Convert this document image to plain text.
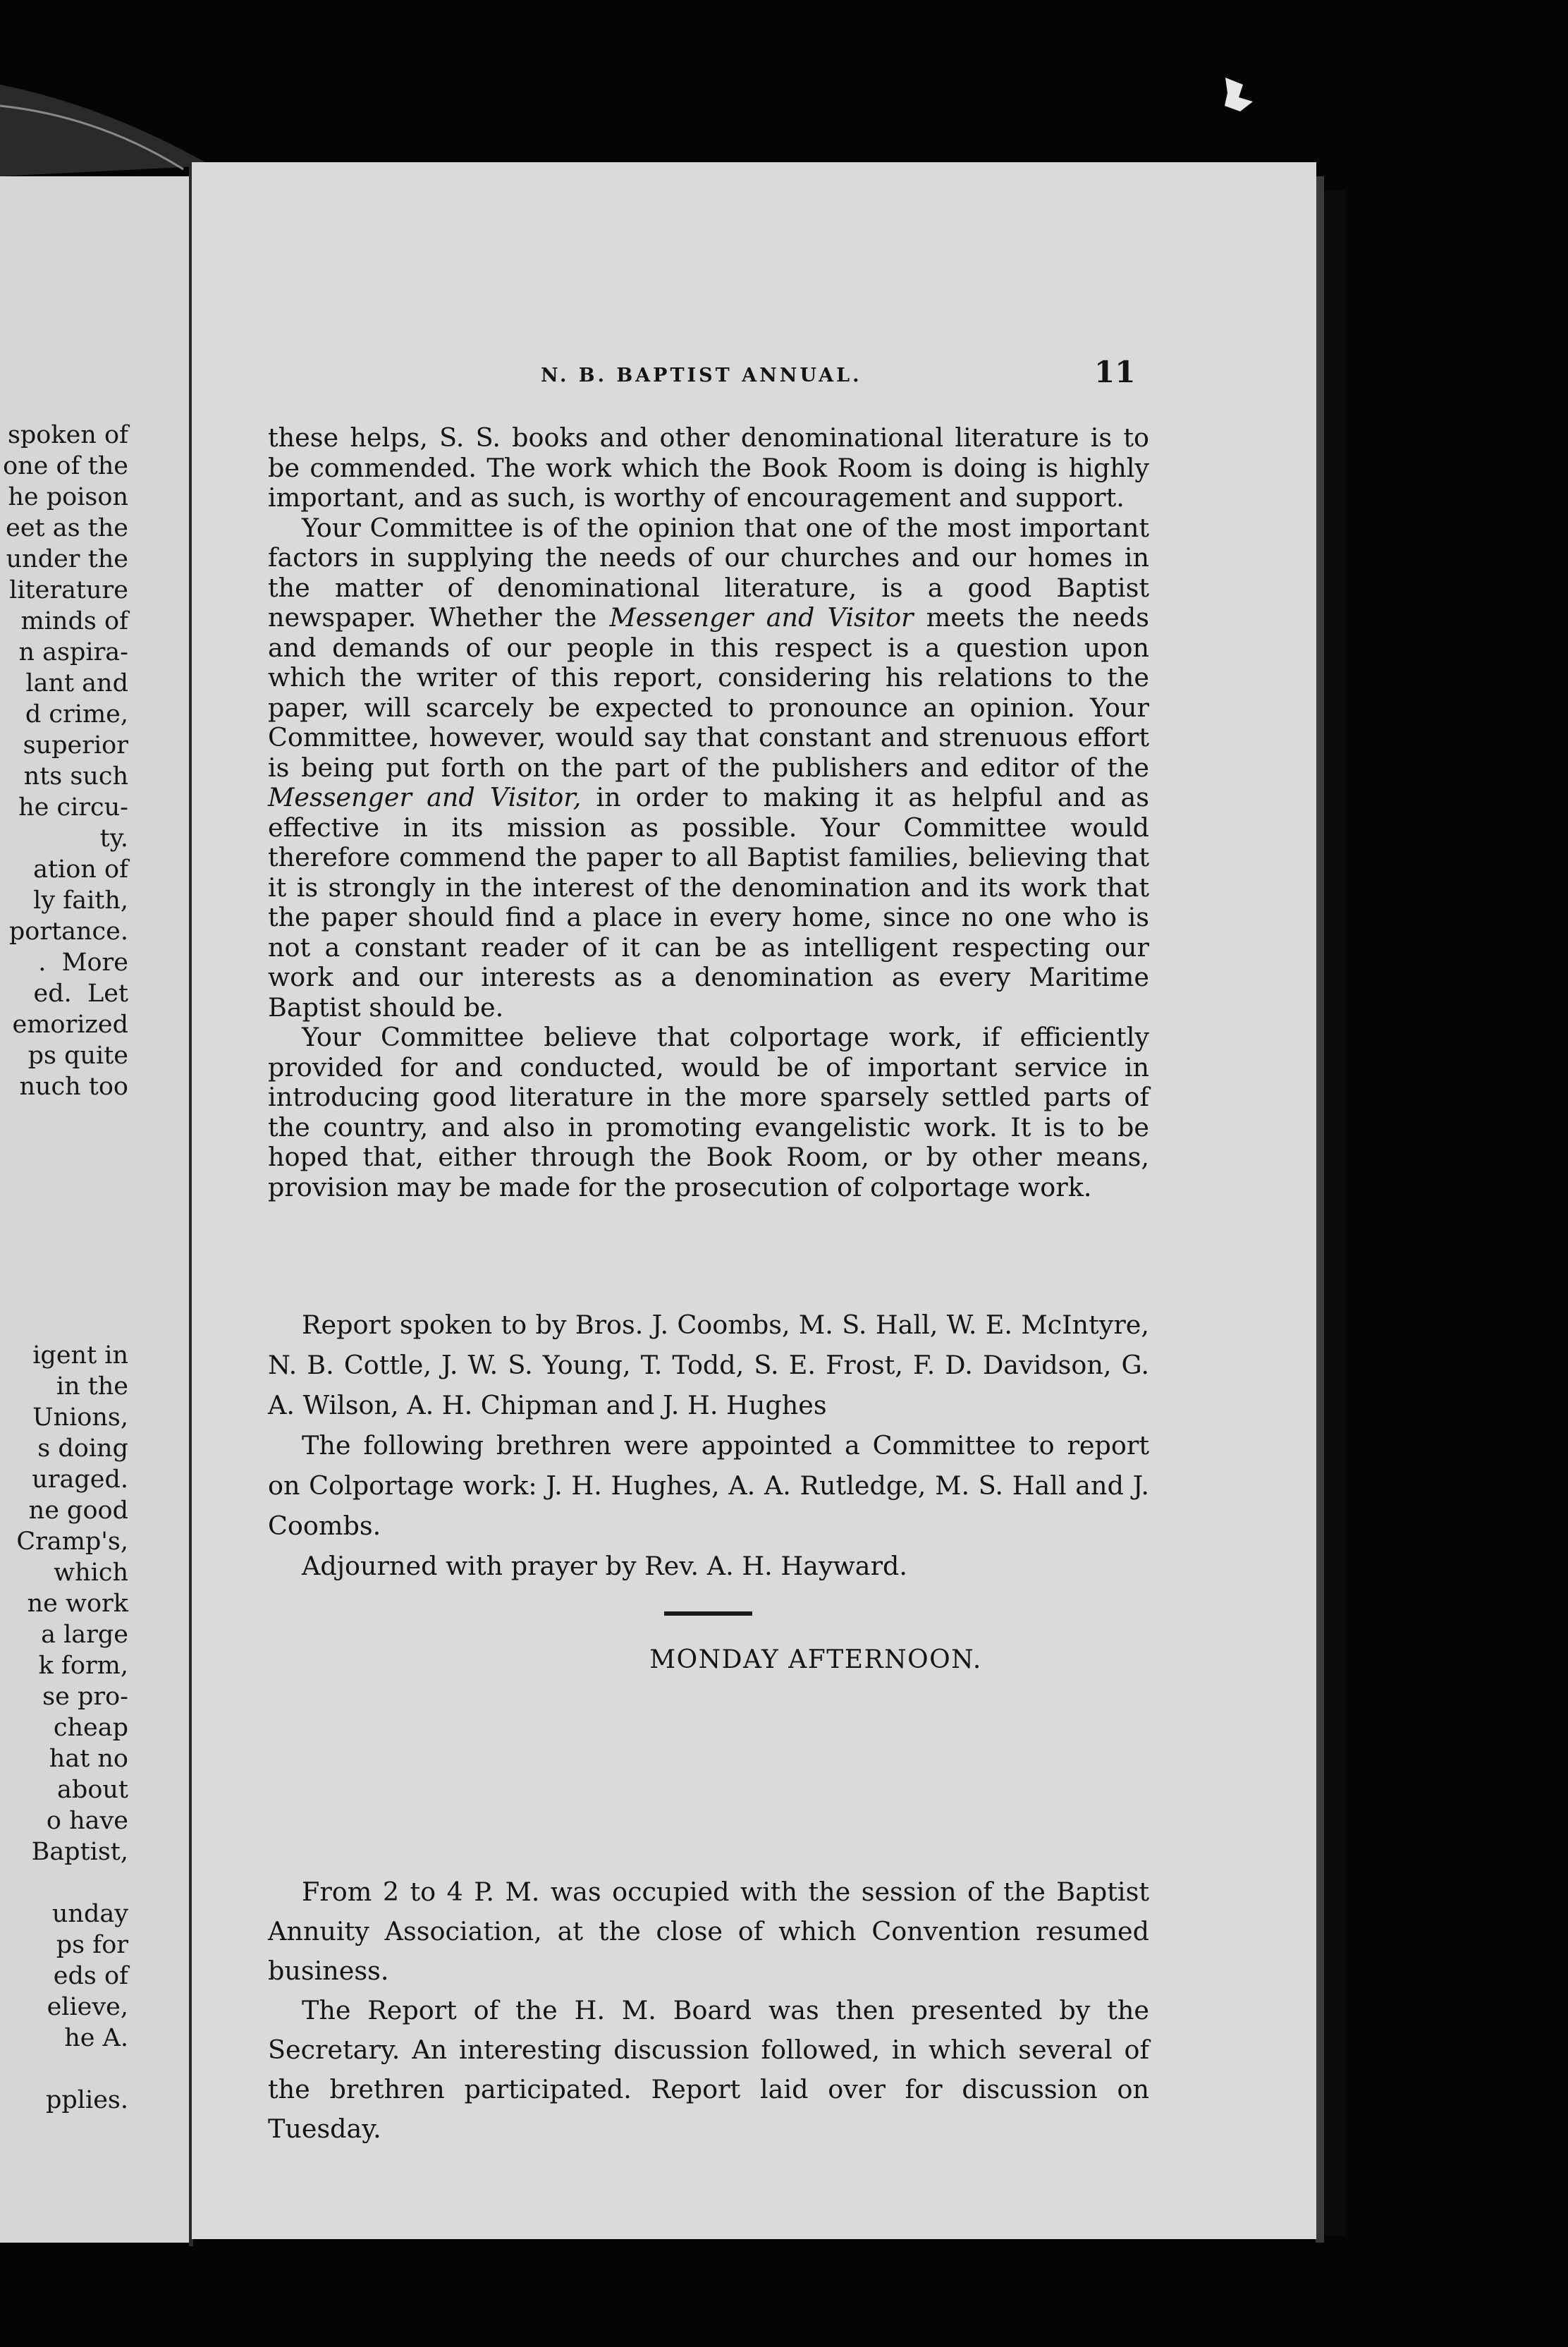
spoken of
one of the
he poison
eet as the
under the
literature
minds of
n aspira-
lant and
d crime,
superior
nts such
he circu-
ty.
ation of
ly faith,
portance.
.  More
ed.  Let
emorized
ps quite
nuch too
igent in
in the
Unions,
s doing
uraged.
ne good
Cramp's,
which
ne work
a large
k form,
se pro-
cheap
hat no
about
o have
Baptist,

unday
ps for
eds of
elieve,
he A.

pplies.
N. B. BAPTIST ANNUAL.	11

these helps, S. S. books and other denominational literature is to be commended. The work which the Book Room is doing is highly important, and as such, is worthy of encouragement and support.

Your Committee is of the opinion that one of the most important factors in supplying the needs of our churches and our homes in the matter of denominational literature, is a good Baptist newspaper. Whether the Messenger and Visitor meets the needs and demands of our people in this respect is a question upon which the writer of this report, considering his relations to the paper, will scarcely be expected to pronounce an opinion. Your Committee, however, would say that constant and strenuous effort is being put forth on the part of the publishers and editor of the Messenger and Visitor, in order to making it as helpful and as effective in its mission as possible. Your Committee would therefore commend the paper to all Baptist families, believing that it is strongly in the interest of the denomination and its work that the paper should find a place in every home, since no one who is not a constant reader of it can be as intelligent respecting our work and our interests as a denomination as every Maritime Baptist should be.

Your Committee believe that colportage work, if efficiently provided for and conducted, would be of important service in introducing good literature in the more sparsely settled parts of the country, and also in promoting evangelistic work. It is to be hoped that, either through the Book Room, or by other means, provision may be made for the prosecution of colportage work.

Report spoken to by Bros. J. Coombs, M. S. Hall, W. E. McIntyre, N. B. Cottle, J. W. S. Young, T. Todd, S. E. Frost, F. D. Davidson, G. A. Wilson, A. H. Chipman and J. H. Hughes

The following brethren were appointed a Committee to report on Colportage work: J. H. Hughes, A. A. Rutledge, M. S. Hall and J. Coombs.

Adjourned with prayer by Rev. A. H. Hayward.

MONDAY AFTERNOON.

From 2 to 4 P. M. was occupied with the session of the Baptist Annuity Association, at the close of which Convention resumed business.

The Report of the H. M. Board was then presented by the Secretary. An interesting discussion followed, in which several of the brethren participated. Report laid over for discussion on Tuesday.
